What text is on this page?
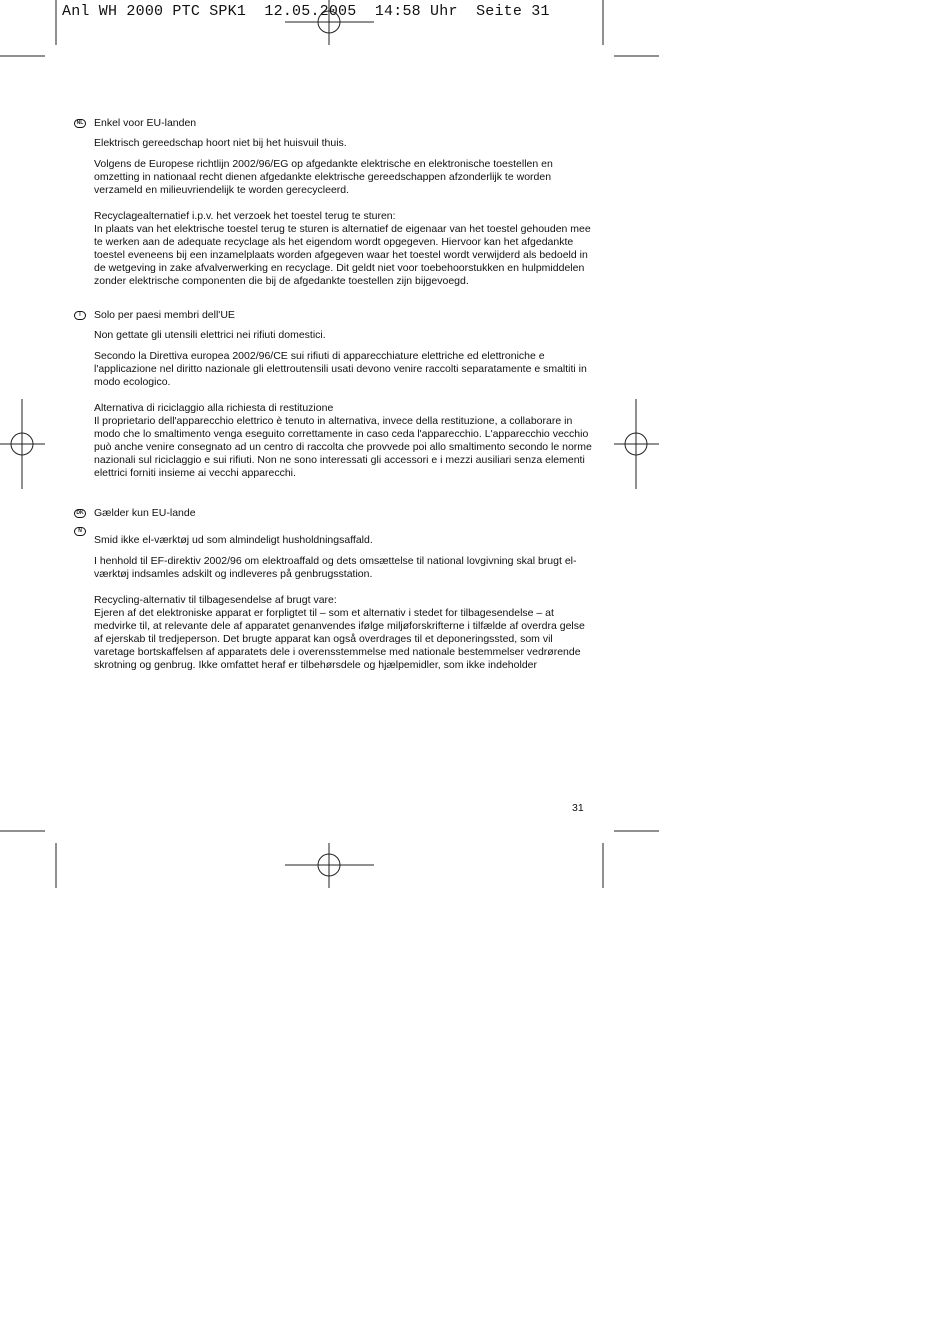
Anl WH 2000 PTC SPK1  12.05.2005  14:58 Uhr  Seite 31
NL Enkel voor EU-landen

Elektrisch gereedschap hoort niet bij het huisvuil thuis.

Volgens de Europese richtlijn 2002/96/EG op afgedankte elektrische en elektronische toestellen en omzetting in nationaal recht dienen afgedankte elektrische gereedschappen afzonderlijk te worden verzameld en milieuvriendelijk te worden gerecycleerd.

Recyclagealternatief i.p.v. het verzoek het toestel terug te sturen:

In plaats van het elektrische toestel terug te sturen is alternatief de eigenaar van het toestel gehouden mee te werken aan de adequate recyclage als het eigendom wordt opgegeven. Hiervoor kan het afgedankte toestel eveneens bij een inzamelplaats worden afgegeven waar het toestel wordt verwijderd als bedoeld in de wetgeving in zake afvalverwerking en recyclage. Dit geldt niet voor toebehoorstukken en hulpmiddelen zonder elektrische componenten die bij de afgedankte toestellen zijn bijgevoegd.

I	Solo per paesi membri dell'UE

Non gettate gli utensili elettrici nei rifiuti domestici.

Secondo la Direttiva europea 2002/96/CE sui rifiuti di apparecchiature elettriche ed elettroniche e l'applicazione nel diritto nazionale gli elettroutensili usati devono venire raccolti separatamente e smaltiti in modo ecologico.

Alternativa di riciclaggio alla richiesta di restituzione

Il proprietario dell'apparecchio elettrico è tenuto in alternativa, invece della restituzione, a collaborare in modo che lo smaltimento venga eseguito correttamente in caso ceda l'apparecchio. L'apparecchio vecchio può anche venire consegnato ad un centro di raccolta che provvede poi allo smaltimento secondo le norme nazionali sul riciclaggio e sui rifiuti. Non ne sono interessati gli accessori e i mezzi ausiliari senza elementi elettrici forniti insieme ai vecchi apparecchi.

DK
N
Gælder kun EU-lande

Smid ikke el-værktøj ud som almindeligt husholdningsaffald.

I henhold til EF-direktiv 2002/96 om elektroaffald og dets omsættelse til national lovgivning skal brugt el-værktøj indsamles adskilt og indleveres på genbrugsstation.

Recycling-alternativ til tilbagesendelse af brugt vare:

Ejeren af det elektroniske apparat er forpligtet til – som et alternativ i stedet for tilbagesendelse – at medvirke til, at relevante dele af apparatet genanvendes ifølge miljøforskrifterne i tilfælde af overdra gelse af ejerskab til tredjeperson. Det brugte apparat kan også overdrages til et deponeringssted, som vil varetage bortskaffelsen af apparatets dele i overensstemmelse med nationale bestemmelser vedrørende skrotning og genbrug. Ikke omfattet heraf er tilbehørsdele og hjælpemidler, som ikke indeholder

31
